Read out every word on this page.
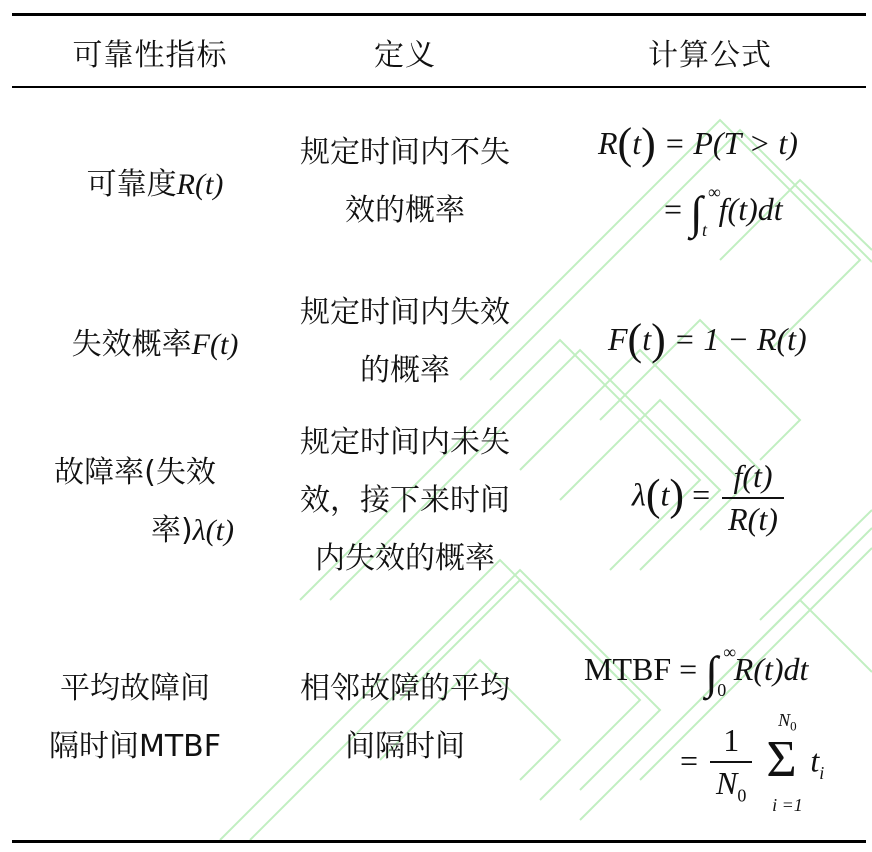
可靠性指标	定义	计算公式
可靠度R(t)
规定时间内不失
效的概率
R(t) = P(T > t)
= ∫ ∞
t
f(t)dt
失效概率F(t)
规定时间内失效
的概率
F(t) = 1 − R(t)
故障率(失效
率)λ(t)
规定时间内未失
效，接下来时间
内失效的概率
$\lambda(t) = \frac{f(t)}{R(t)}$
平均故障间
隔时间MTBF
相邻故障的平均
间隔时间
MTBF = ∫ ∞
0
R(t)dt
= $\frac{1}{N_0}$

$N_0$
Σ
i =1
$t_i$
